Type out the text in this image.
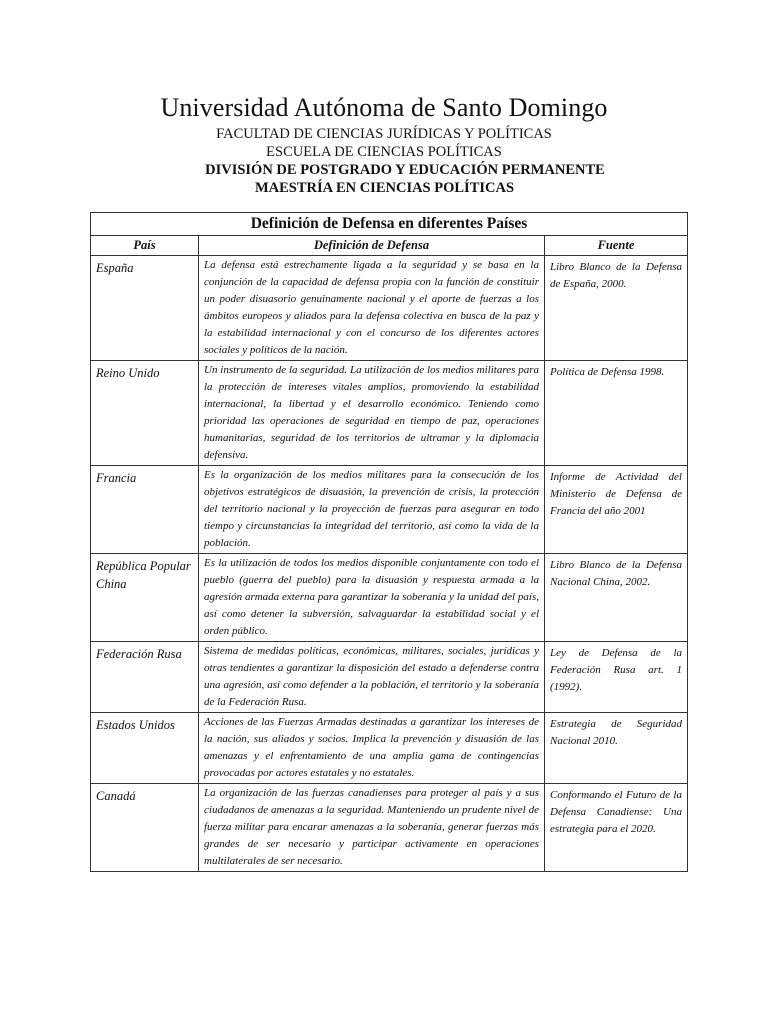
Universidad Autónoma de Santo Domingo
FACULTAD DE CIENCIAS JURÍDICAS Y POLÍTICAS
ESCUELA DE CIENCIAS POLÍTICAS
DIVISIÓN DE POSTGRADO Y EDUCACIÓN PERMANENTE
MAESTRÍA EN CIENCIAS POLÍTICAS
Definición de Defensa en diferentes Países		
País	Definición de Defensa	Fuente
España	La defensa está estrechamente ligada a la seguridad y se basa en la conjunción de la capacidad de defensa propia con la función de constituir un poder disuasorio genuinamente nacional y el aporte de fuerzas a los ámbitos europeos y aliados para la defensa colectiva en busca de la paz y la estabilidad internacional y con el concurso de los diferentes actores sociales y políticos de la nación.	Libro Blanco de la Defensa de España, 2000.
Reino Unido	Un instrumento de la seguridad. La utilización de los medios militares para la protección de intereses vitales amplios, promoviendo la estabilidad internacional, la libertad y el desarrollo económico. Teniendo como prioridad las operaciones de seguridad en tiempo de paz, operaciones humanitarias, seguridad de los territorios de ultramar y la diplomacia defensiva.	Política de Defensa 1998.
Francia	Es la organización de los medios militares para la consecución de los objetivos estratégicos de disuasión, la prevención de crisis, la protección del territorio nacional y la proyección de fuerzas para asegurar en todo tiempo y circunstancias la integridad del territorio, así como la vida de la población.	Informe de Actividad del Ministerio de Defensa de Francia del año 2001
República Popular China	Es la utilización de todos los medios disponible conjuntamente con todo el pueblo (guerra del pueblo) para la disuasión y respuesta armada a la agresión armada externa para garantizar la soberanía y la unidad del país, así como detener la subversión, salvaguardar la estabilidad social y el orden público.	Libro Blanco de la Defensa Nacional China, 2002.
Federación Rusa	Sistema de medidas políticas, económicas, militares, sociales, jurídicas y otras tendientes a garantizar la disposición del estado a defenderse contra una agresión, así como defender a la población, el territorio y la soberanía de la Federación Rusa.	Ley de Defensa de la Federación Rusa art. 1 (1992).
Estados Unidos	Acciones de las Fuerzas Armadas destinadas a garantizar los intereses de la nación, sus aliados y socios. Implica la prevención y disuasión de las amenazas y el enfrentamiento de una amplia gama de contingencias provocadas por actores estatales y no estatales.	Estrategia de Seguridad Nacional 2010.
Canadá	La organización de las fuerzas canadienses para proteger al país y a sus ciudadanos de amenazas a la seguridad. Manteniendo un prudente nivel de fuerza militar para encarar amenazas a la soberanía, generar fuerzas más grandes de ser necesario y participar activamente en operaciones multilaterales de ser necesario.	Conformando el Futuro de la Defensa Canadiense: Una estrategia para el 2020.
